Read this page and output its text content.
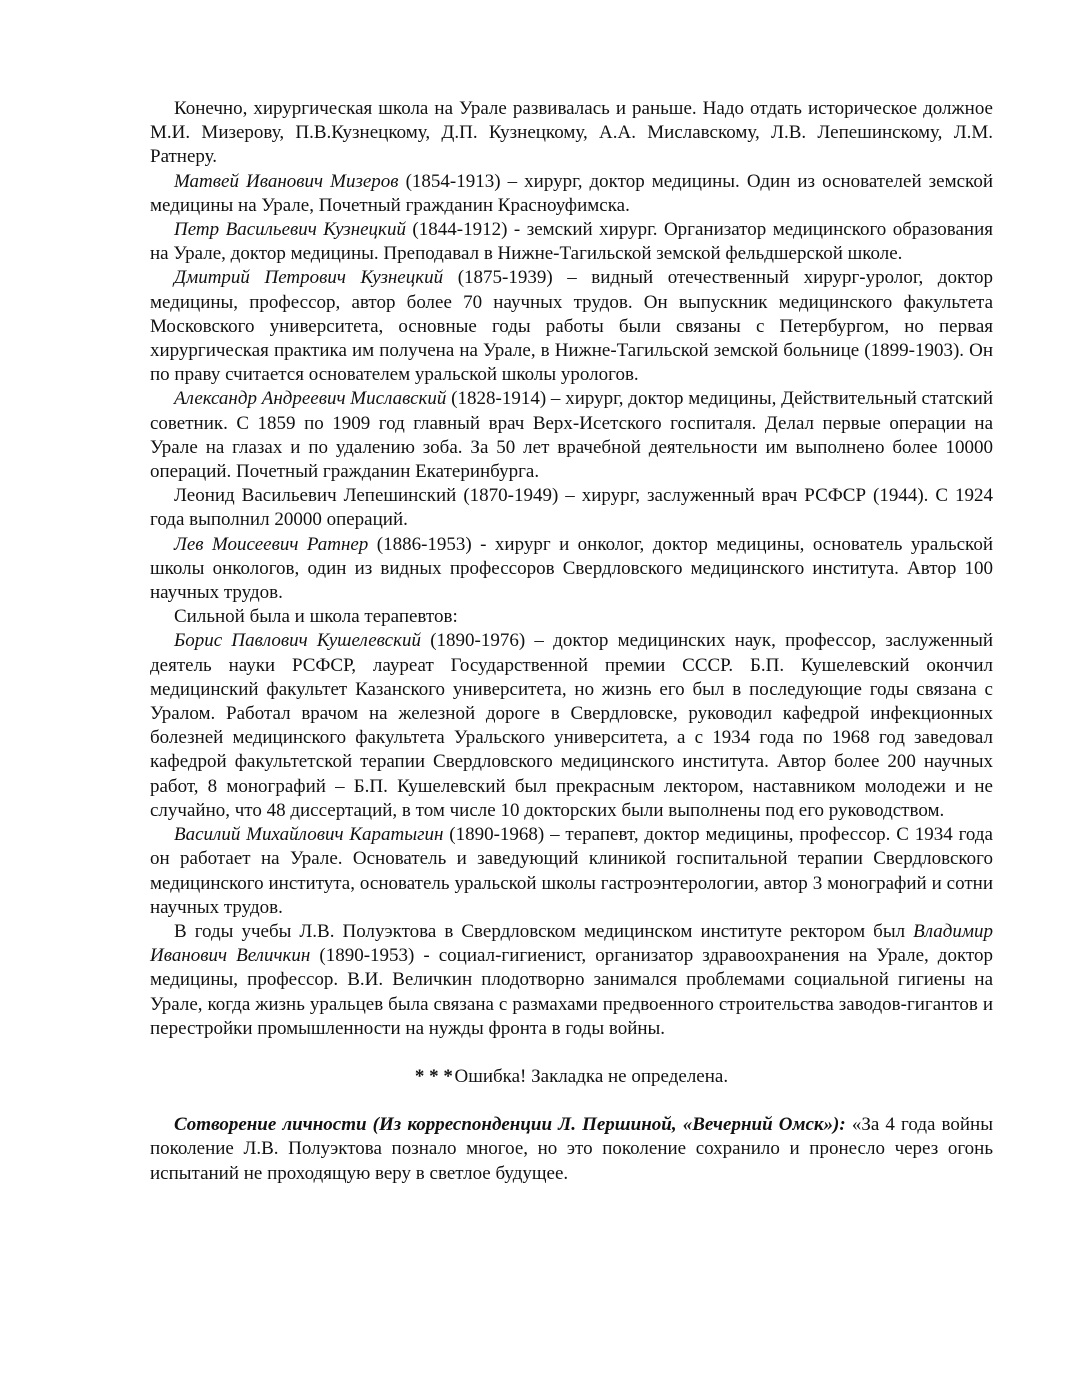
Конечно, хирургическая школа на Урале развивалась и раньше. Надо отдать историческое должное М.И. Мизерову, П.В.Кузнецкому, Д.П. Кузнецкому, А.А. Миславскому, Л.В. Лепешинскому, Л.М. Ратнеру.

Матвей Иванович Мизеров (1854-1913) – хирург, доктор медицины. Один из основателей земской медицины на Урале, Почетный гражданин Красноуфимска.

Петр Васильевич Кузнецкий (1844-1912) - земский хирург. Организатор медицинского образования на Урале, доктор медицины. Преподавал в Нижне-Тагильской земской фельдшерской школе.

Дмитрий Петрович Кузнецкий (1875-1939) – видный отечественный хирург-уролог, доктор медицины, профессор, автор более 70 научных трудов. Он выпускник медицинского факультета Московского университета, основные годы работы были связаны с Петербургом, но первая хирургическая практика им получена на Урале, в Нижне-Тагильской земской больнице (1899-1903). Он по праву считается основателем уральской школы урологов.

Александр Андреевич Миславский (1828-1914) – хирург, доктор медицины, Действительный статский советник. С 1859 по 1909 год главный врач Верх-Исетского госпиталя. Делал первые операции на Урале на глазах и по удалению зоба. За 50 лет врачебной деятельности им выполнено более 10000 операций. Почетный гражданин Екатеринбурга.

Леонид Васильевич Лепешинский (1870-1949) – хирург, заслуженный врач РСФСР (1944). С 1924 года выполнил 20000 операций.

Лев Моисеевич Ратнер (1886-1953) - хирург и онколог, доктор медицины, основатель уральской школы онкологов, один из видных профессоров Свердловского медицинского института. Автор 100 научных трудов.

Сильной была и школа терапевтов:

Борис Павлович Кушелевский (1890-1976) – доктор медицинских наук, профессор, заслуженный деятель науки РСФСР, лауреат Государственной премии СССР. Б.П. Кушелевский окончил медицинский факультет Казанского университета, но жизнь его был в последующие годы связана с Уралом. Работал врачом на железной дороге в Свердловске, руководил кафедрой инфекционных болезней медицинского факультета Уральского университета, а с 1934 года по 1968 год заведовал кафедрой факультетской терапии Свердловского медицинского института. Автор более 200 научных работ, 8 монографий – Б.П. Кушелевский был прекрасным лектором, наставником молодежи и не случайно, что 48 диссертаций, в том числе 10 докторских были выполнены под его руководством.

Василий Михайлович Каратыгин (1890-1968) – терапевт, доктор медицины, профессор. С 1934 года он работает на Урале. Основатель и заведующий клиникой госпитальной терапии Свердловского медицинского института, основатель уральской школы гастроэнтерологии, автор 3 монографий и сотни научных трудов.

В годы учебы Л.В. Полуэктова в Свердловском медицинском институте ректором был Владимир Иванович Величкин (1890-1953) - социал-гигиенист, организатор здравоохранения на Урале, доктор медицины, профессор. В.И. Величкин плодотворно занимался проблемами социальной гигиены на Урале, когда жизнь уральцев была связана с размахами предвоенного строительства заводов-гигантов и перестройки промышленности на нужды фронта в годы войны.

* * * Ошибка! Закладка не определена.

Сотворение личности (Из корреспонденции Л. Першиной, «Вечерний Омск»): «За 4 года войны поколение Л.В. Полуэктова познало многое, но это поколение сохранило и пронесло через огонь испытаний не проходящую веру в светлое будущее.
